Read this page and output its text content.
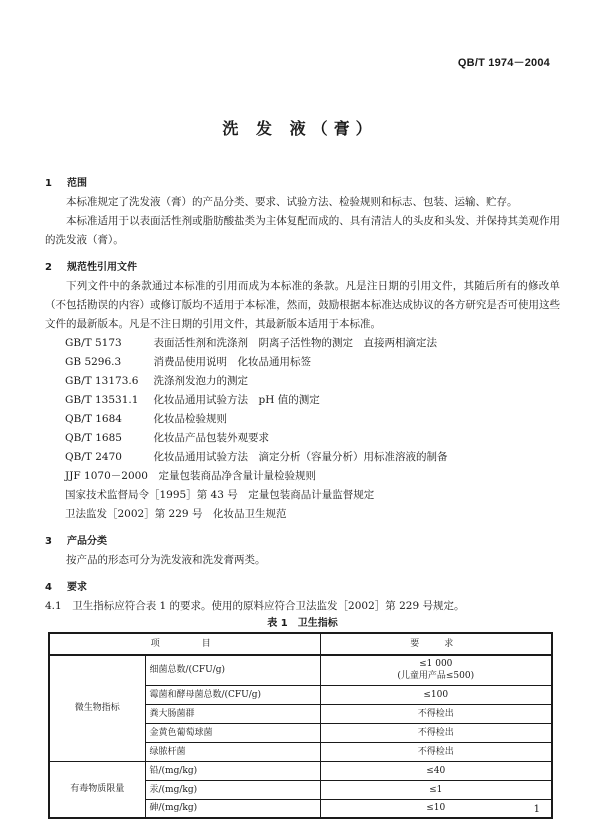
QB/T 1974－2004
洗 发 液（膏）
1 范围

本标准规定了洗发液（膏）的产品分类、要求、试验方法、检验规则和标志、包装、运输、贮存。

本标准适用于以表面活性剂或脂肪酸盐类为主体复配而成的、具有清洁人的头皮和头发、并保持其美观作用的洗发液（膏）。

2 规范性引用文件

下列文件中的条款通过本标准的引用而成为本标准的条款。凡是注日期的引用文件，其随后所有的修改单（不包括勘误的内容）或修订版均不适用于本标准，然而，鼓励根据本标准达成协议的各方研究是否可使用这些文件的最新版本。凡是不注日期的引用文件，其最新版本适用于本标准。

GB/T 5173　	表面活性剂和洗涤剂　阴离子活性物的测定　直接两相滴定法
GB 5296.3　	消费品使用说明　化妆品通用标签
GB/T 13173.6　 洗涤剂发泡力的测定
GB/T 13531.1　 化妆品通用试验方法　pH 值的测定
QB/T 1684　	化妆品检验规则
QB/T 1685　	化妆品产品包装外观要求
QB/T 2470　	化妆品通用试验方法　滴定分析（容量分析）用标准溶液的制备
JJF 1070－2000　 定量包装商品净含量计量检验规则
国家技术监督局令［1995］第 43 号　 定量包装商品计量监督规定
卫法监发［2002］第 229 号　 化妆品卫生规范
3 产品分类

按产品的形态可分为洗发液和洗发膏两类。

4 要求

4.1　卫生指标应符合表 1 的要求。使用的原料应符合卫法监发［2002］第 229 号规定。

表 1　卫生指标
项　　目		要　求
微生物指标	细菌总数/(CFU/g)	≤1 000
(儿童用产品≤500)

	霉菌和酵母菌总数/(CFU/g)	≤100
	粪大肠菌群	不得检出
	金黄色葡萄球菌	不得检出
	绿脓杆菌	不得检出
有毒物质限量	铅/(mg/kg)	≤40
	汞/(mg/kg)	≤1
	砷/(mg/kg)	≤10	1
